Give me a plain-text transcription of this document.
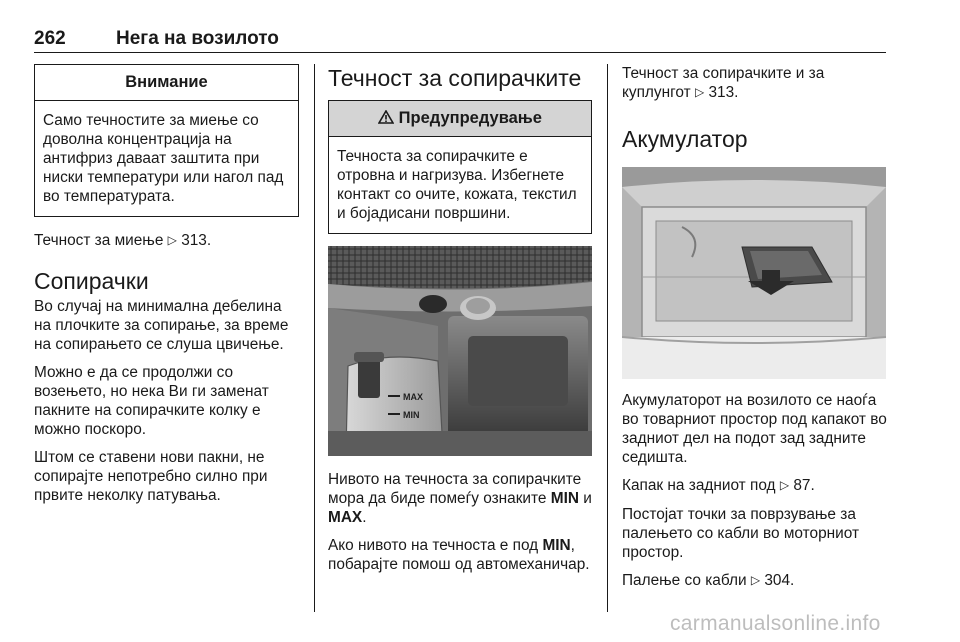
262	Нега на возилото
Внимание
Само течностите за миење со доволна концентрација на антифриз даваат заштита при ниски температури или нагол пад во температурата.

Течност за миење ▷ 313.

Сопирачки

Во случај на минимална дебелина на плочките за сопирање, за време на сопирањето се слуша цвичење.

Можно е да се продолжи со возењето, но нека Ви ги заменат пакните на сопирачките колку е можно поскоро.

Штом се ставени нови пакни, не сопирајте непотребно силно при првите неколку патувања.

Течност за сопирачките
Предупредување
Течноста за сопирачките е отровна и нагризува. Избегнете контакт со очите, кожата, текстил и бојадисани површини.
MAX
MIN

Нивото на течноста за сопирачките мора да биде помеѓу ознаките MIN и MAX.

Ако нивото на течноста е под MIN, побарајте помош од автомеханичар.

Течност за сопирачките и за куплунгот ▷ 313.

Акумулатор

Акумулаторот на возилото се наоѓа во товарниот простор под капакот во задниот дел на подот зад задните седишта.

Капак на задниот под ▷ 87.

Постојат точки за поврзување за палењето со кабли во моторниот простор.

Палење со кабли ▷ 304.

carmanualsonline.info
